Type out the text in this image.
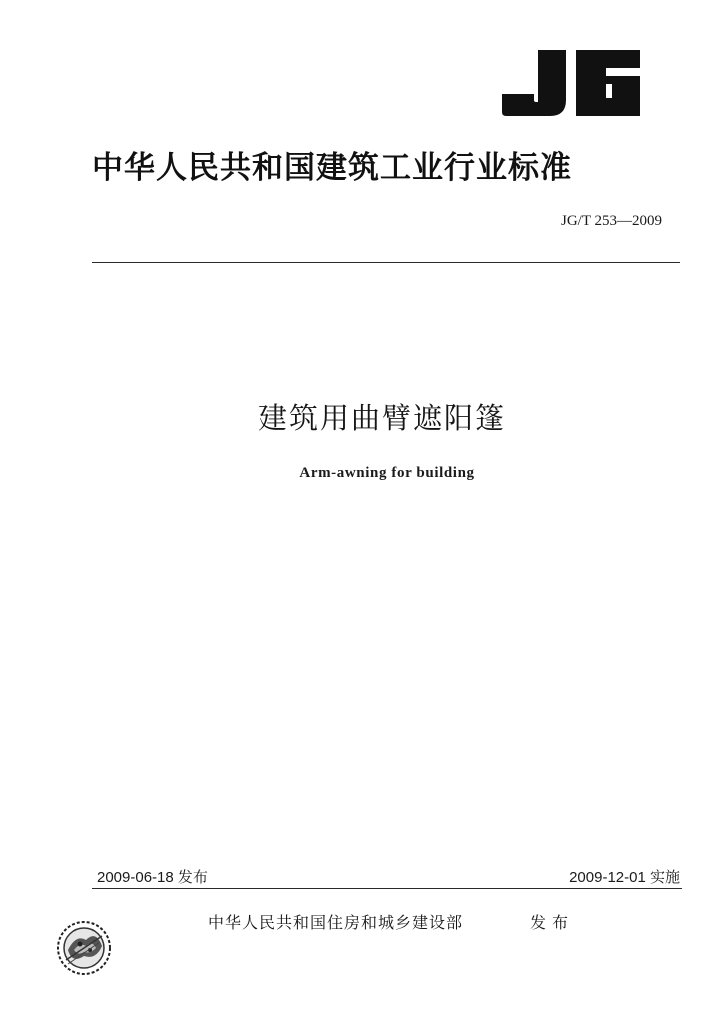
中华人民共和国建筑工业行业标准
JG/T 253—2009
建筑用曲臂遮阳篷
Arm-awning for building
2009-06-18 发布	2009-12-01 实施
中华人民共和国住房和城乡建设部	发布
